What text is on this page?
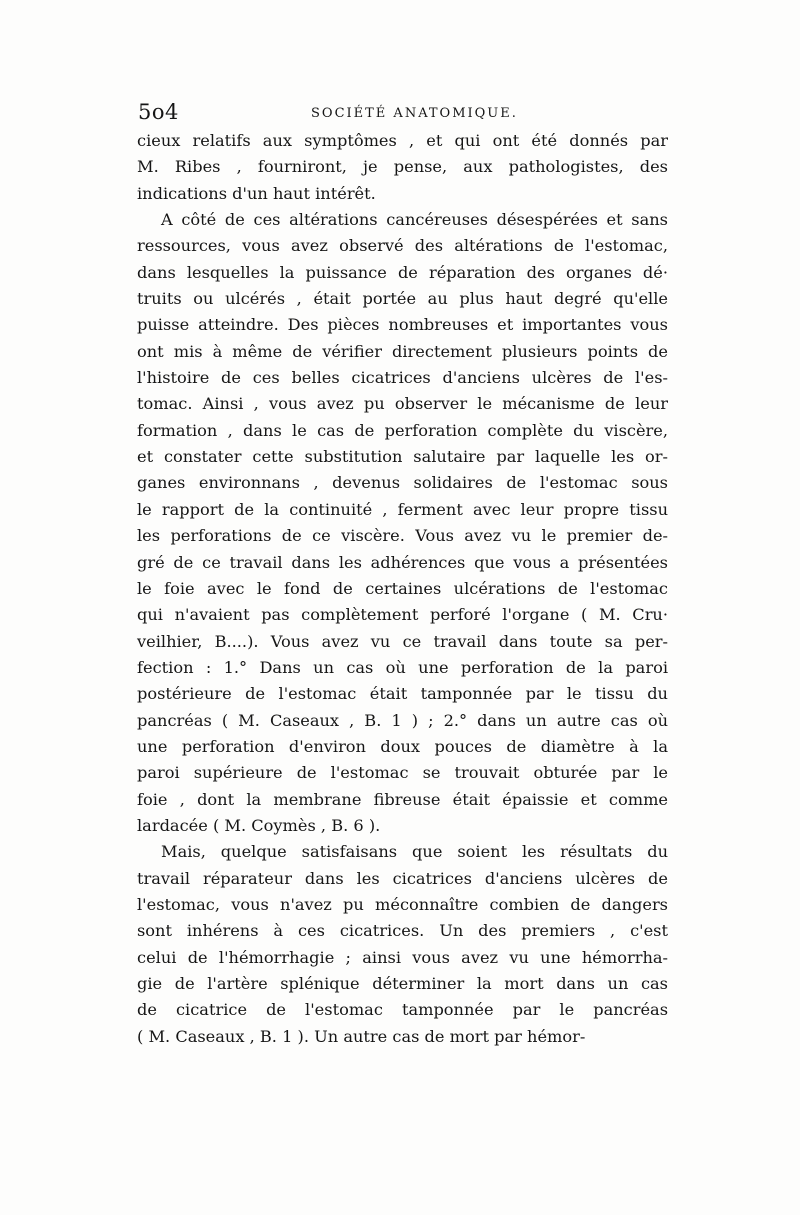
5o4	SOCIÉTÉ ANATOMIQUE.
cieux relatifs aux symptômes , et qui ont été donnés par
M. Ribes , fourniront, je pense, aux pathologistes, des
indications d'un haut intérêt.
A côté de ces altérations cancéreuses désespérées et sans
ressources, vous avez observé des altérations de l'estomac,
dans lesquelles la puissance de réparation des organes dé·
truits ou ulcérés , était portée au plus haut degré qu'elle
puisse atteindre. Des pièces nombreuses et importantes vous
ont mis à même de vérifier directement plusieurs points de
l'histoire de ces belles cicatrices d'anciens ulcères de l'es-
tomac. Ainsi , vous avez pu observer le mécanisme de leur
formation , dans le cas de perforation complète du viscère,
et constater cette substitution salutaire par laquelle les or-
ganes environnans , devenus solidaires de l'estomac sous
le rapport de la continuité , ferment avec leur propre tissu
les perforations de ce viscère. Vous avez vu le premier de-
gré de ce travail dans les adhérences que vous a présentées
le foie avec le fond de certaines ulcérations de l'estomac
qui n'avaient pas complètement perforé l'organe ( M. Cru·
veilhier, B....). Vous avez vu ce travail dans toute sa per-
fection : 1.° Dans un cas où une perforation de la paroi
postérieure de l'estomac était tamponnée par le tissu du
pancréas ( M. Caseaux , B. 1 ) ; 2.° dans un autre cas où
une perforation d'environ doux pouces de diamètre à la
paroi supérieure de l'estomac se trouvait obturée par le
foie , dont la membrane fibreuse était épaissie et comme
lardacée ( M. Coymès , B. 6 ).
Mais, quelque satisfaisans que soient les résultats du
travail réparateur dans les cicatrices d'anciens ulcères de
l'estomac, vous n'avez pu méconnaître combien de dangers
sont inhérens à ces cicatrices. Un des premiers , c'est
celui de l'hémorrhagie ; ainsi vous avez vu une hémorrha-
gie de l'artère splénique déterminer la mort dans un cas
de cicatrice de l'estomac tamponnée par le pancréas
( M. Caseaux , B. 1 ). Un autre cas de mort par hémor-
